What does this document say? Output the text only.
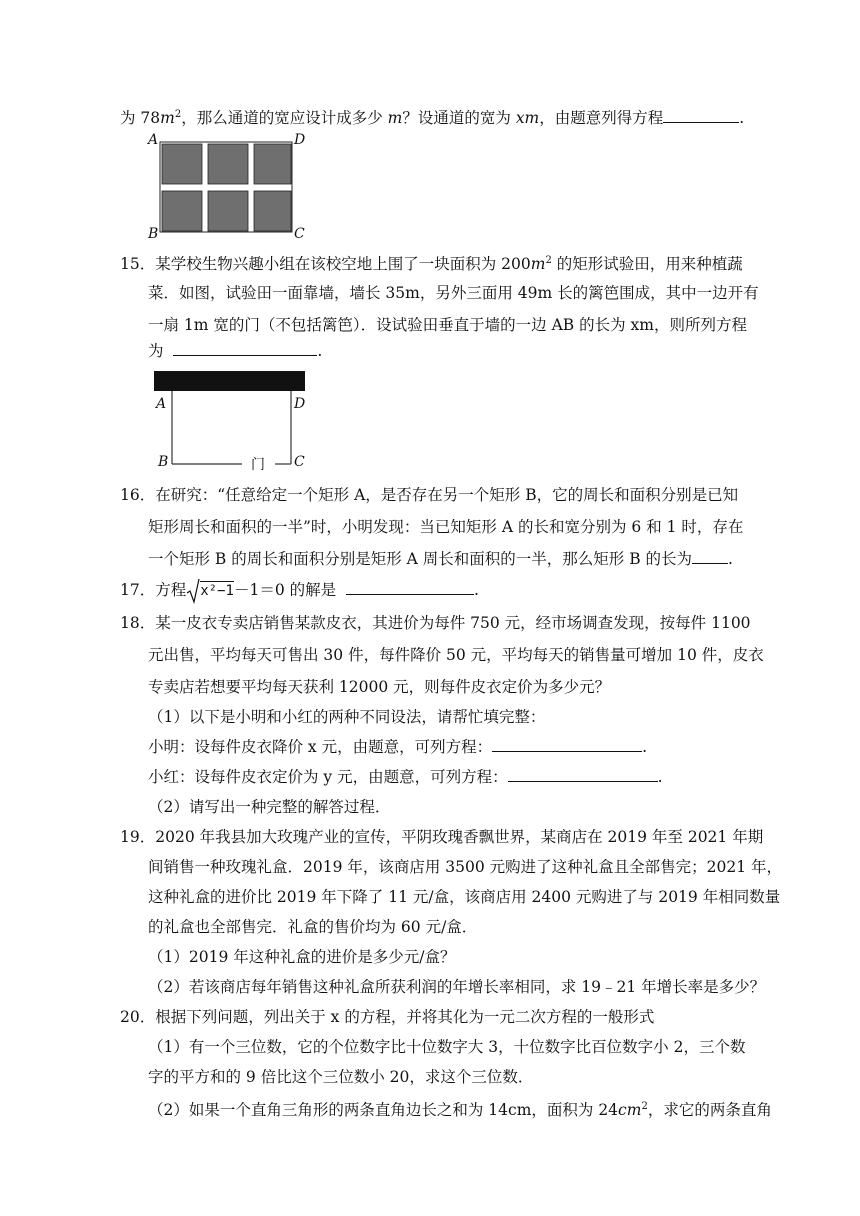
为 $78m^2$，那么通道的宽应设计成多少 m？设通道的宽为 xm，由题意列得方程	.
A	D
B	C
15．某学校生物兴趣小组在该校空地上围了一块面积为 $200m^2$ 的矩形试验田，用来种植蔬
菜．如图，试验田一面靠墙，墙长 35m，另外三面用 49m 长的篱笆围成，其中一边开有
一扇 1m 宽的门（不包括篱笆）．设试验田垂直于墙的一边 AB 的长为 xm，则所列方程
为	.
A	D
B	C
门
16．在研究：“任意给定一个矩形 A，是否存在另一个矩形 B，它的周长和面积分别是已知
矩形周长和面积的一半”时，小明发现：当已知矩形 A 的长和宽分别为 6 和 1 时，存在
一个矩形 B 的周长和面积分别是矩形 A 周长和面积的一半，那么矩形 B 的长为 .
17．方程 x²−1－1＝0 的解是	.
18．某一皮衣专卖店销售某款皮衣，其进价为每件 750 元，经市场调查发现，按每件 1100
元出售，平均每天可售出 30 件，每件降价 50 元，平均每天的销售量可增加 10 件，皮衣
专卖店若想要平均每天获利 12000 元，则每件皮衣定价为多少元？
（1）以下是小明和小红的两种不同设法，请帮忙填完整：
小明：设每件皮衣降价 x 元，由题意，可列方程：	.
小红：设每件皮衣定价为 y 元，由题意，可列方程：	.
（2）请写出一种完整的解答过程．
19．2020 年我县加大玫瑰产业的宣传，平阴玫瑰香飘世界，某商店在 2019 年至 2021 年期
间销售一种玫瑰礼盒．2019 年，该商店用 3500 元购进了这种礼盒且全部售完；2021 年，
这种礼盒的进价比 2019 年下降了 11 元/盒，该商店用 2400 元购进了与 2019 年相同数量
的礼盒也全部售完．礼盒的售价均为 60 元/盒．
（1）2019 年这种礼盒的进价是多少元/盒？
（2）若该商店每年销售这种礼盒所获利润的年增长率相同，求 19﹣21 年增长率是多少？
20．根据下列问题，列出关于 x 的方程，并将其化为一元二次方程的一般形式
（1）有一个三位数，它的个位数字比十位数字大 3，十位数字比百位数字小 2，三个数
字的平方和的 9 倍比这个三位数小 20，求这个三位数．
（2）如果一个直角三角形的两条直角边长之和为 14cm，面积为 $24cm^2$，求它的两条直角
